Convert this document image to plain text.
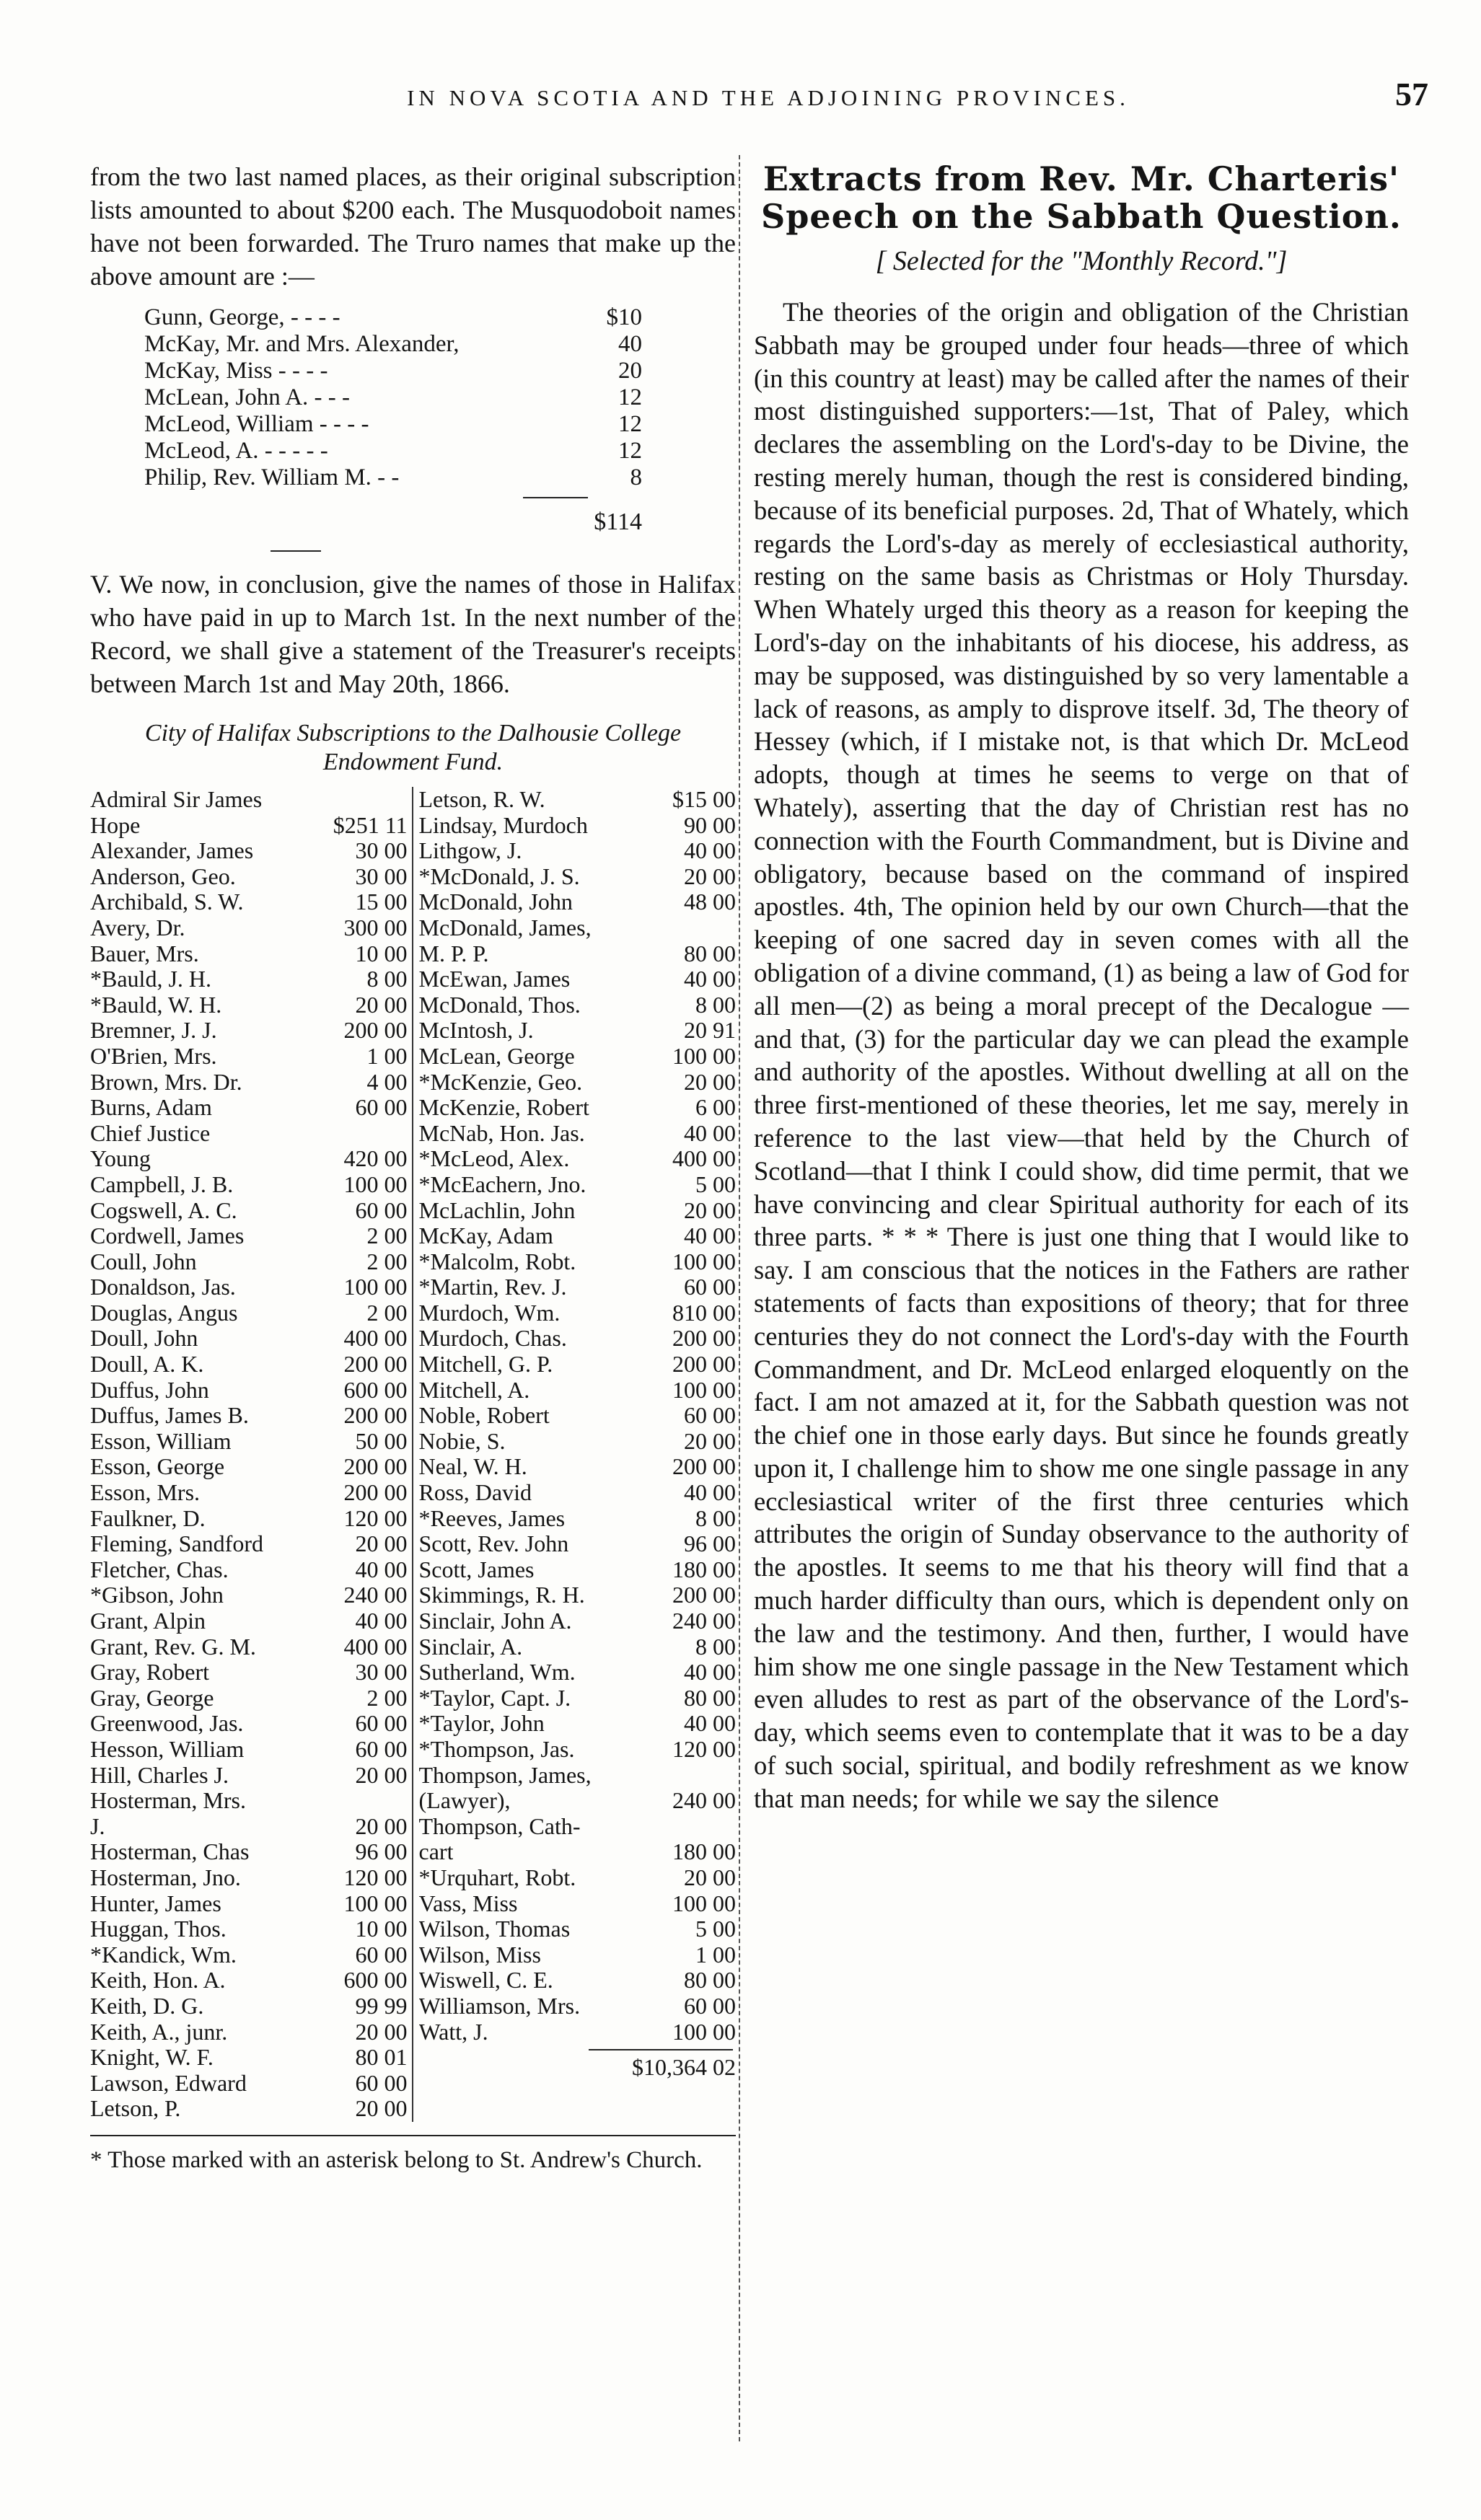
IN NOVA SCOTIA AND THE ADJOINING PROVINCES.	57

from the two last named places, as their original subscription lists amounted to about $200 each. The Musquodoboit names have not been forwarded. The Truro names that make up the above amount are :—

Gunn, George, - - - -	$10
McKay, Mr. and Mrs. Alexander,	40
McKay, Miss - - - -	20
McLean, John A. - - -	12
McLeod, William - - - -	12
McLeod, A. - - - - -	12
Philip, Rev. William M. - -	8
$114

V. We now, in conclusion, give the names of those in Halifax who have paid in up to March 1st. In the next number of the Record, we shall give a statement of the Treasurer's receipts between March 1st and May 20th, 1866.

City of Halifax Subscriptions to the Dalhousie College Endowment Fund.
Admiral Sir James
Hope	$251 11
Alexander, James	30 00
Anderson, Geo.	30 00
Archibald, S. W.	15 00
Avery, Dr.	300 00
Bauer, Mrs.	10 00
*Bauld, J. H.	8 00
*Bauld, W. H.	20 00
Bremner, J. J.	200 00
O'Brien, Mrs.	1 00
Brown, Mrs. Dr.	4 00
Burns, Adam	60 00
Chief Justice
Young	420 00
Campbell, J. B.	100 00
Cogswell, A. C.	60 00
Cordwell, James	2 00
Coull, John	2 00
Donaldson, Jas.	100 00
Douglas, Angus	2 00
Doull, John	400 00
Doull, A. K.	200 00
Duffus, John	600 00
Duffus, James B.	200 00
Esson, William	50 00
Esson, George	200 00
Esson, Mrs.	200 00
Faulkner, D.	120 00
Fleming, Sandford	20 00
Fletcher, Chas.	40 00
*Gibson, John	240 00
Grant, Alpin	40 00
Grant, Rev. G. M.	400 00
Gray, Robert	30 00
Gray, George	2 00
Greenwood, Jas.	60 00
Hesson, William	60 00
Hill, Charles J.	20 00
Hosterman, Mrs.
J.	20 00
Hosterman, Chas	96 00
Hosterman, Jno.	120 00
Hunter, James	100 00
Huggan, Thos.	10 00
*Kandick, Wm.	60 00
Keith, Hon. A.	600 00
Keith, D. G.	99 99
Keith, A., junr.	20 00
Knight, W. F.	80 01
Lawson, Edward	60 00
Letson, P.	20 00
Letson, R. W.	$15 00
Lindsay, Murdoch	90 00
Lithgow, J.	40 00
*McDonald, J. S.	20 00
McDonald, John	48 00
McDonald, James,
M. P. P.	80 00
McEwan, James	40 00
McDonald, Thos.	8 00
McIntosh, J.	20 91
McLean, George	100 00
*McKenzie, Geo.	20 00
McKenzie, Robert	6 00
McNab, Hon. Jas.	40 00
*McLeod, Alex.	400 00
*McEachern, Jno.	5 00
McLachlin, John	20 00
McKay, Adam	40 00
*Malcolm, Robt.	100 00
*Martin, Rev. J.	60 00
Murdoch, Wm.	810 00
Murdoch, Chas.	200 00
Mitchell, G. P.	200 00
Mitchell, A.	100 00
Noble, Robert	60 00
Nobie, S.	20 00
Neal, W. H.	200 00
Ross, David	40 00
*Reeves, James	8 00
Scott, Rev. John	96 00
Scott, James	180 00
Skimmings, R. H.	200 00
Sinclair, John A.	240 00
Sinclair, A.	8 00
Sutherland, Wm.	40 00
*Taylor, Capt. J.	80 00
*Taylor, John	40 00
*Thompson, Jas.	120 00
Thompson, James,
(Lawyer),	240 00
Thompson, Cath-
cart	180 00
*Urquhart, Robt.	20 00
Vass, Miss	100 00
Wilson, Thomas	5 00
Wilson, Miss	1 00
Wiswell, C. E.	80 00
Williamson, Mrs.	60 00
Watt, J.	100 00
$10,364 02

* Those marked with an asterisk belong to St. Andrew's Church.

Extracts from Rev. Mr. Charteris' Speech on the Sabbath Question.
[ Selected for the "Monthly Record."]

The theories of the origin and obligation of the Christian Sabbath may be grouped under four heads—three of which (in this country at least) may be called after the names of their most distinguished supporters:—1st, That of Paley, which declares the assembling on the Lord's-day to be Divine, the resting merely human, though the rest is considered binding, because of its beneficial purposes. 2d, That of Whately, which regards the Lord's-day as merely of ecclesiastical authority, resting on the same basis as Christmas or Holy Thursday. When Whately urged this theory as a reason for keeping the Lord's-day on the inhabitants of his diocese, his address, as may be supposed, was distinguished by so very lamentable a lack of reasons, as amply to disprove itself. 3d, The theory of Hessey (which, if I mistake not, is that which Dr. McLeod adopts, though at times he seems to verge on that of Whately), asserting that the day of Christian rest has no connection with the Fourth Commandment, but is Divine and obligatory, because based on the command of inspired apostles. 4th, The opinion held by our own Church—that the keeping of one sacred day in seven comes with all the obligation of a divine command, (1) as being a law of God for all men—(2) as being a moral precept of the Decalogue —and that, (3) for the particular day we can plead the example and authority of the apostles. Without dwelling at all on the three first-mentioned of these theories, let me say, merely in reference to the last view—that held by the Church of Scotland—that I think I could show, did time permit, that we have convincing and clear Spiritual authority for each of its three parts. * * * There is just one thing that I would like to say. I am conscious that the notices in the Fathers are rather statements of facts than expositions of theory; that for three centuries they do not connect the Lord's-day with the Fourth Commandment, and Dr. McLeod enlarged eloquently on the fact. I am not amazed at it, for the Sabbath question was not the chief one in those early days. But since he founds greatly upon it, I challenge him to show me one single passage in any ecclesiastical writer of the first three centuries which attributes the origin of Sunday observance to the authority of the apostles. It seems to me that his theory will find that a much harder difficulty than ours, which is dependent only on the law and the testimony. And then, further, I would have him show me one single passage in the New Testament which even alludes to rest as part of the observance of the Lord's-day, which seems even to contemplate that it was to be a day of such social, spiritual, and bodily refreshment as we know that man needs; for while we say the silence
